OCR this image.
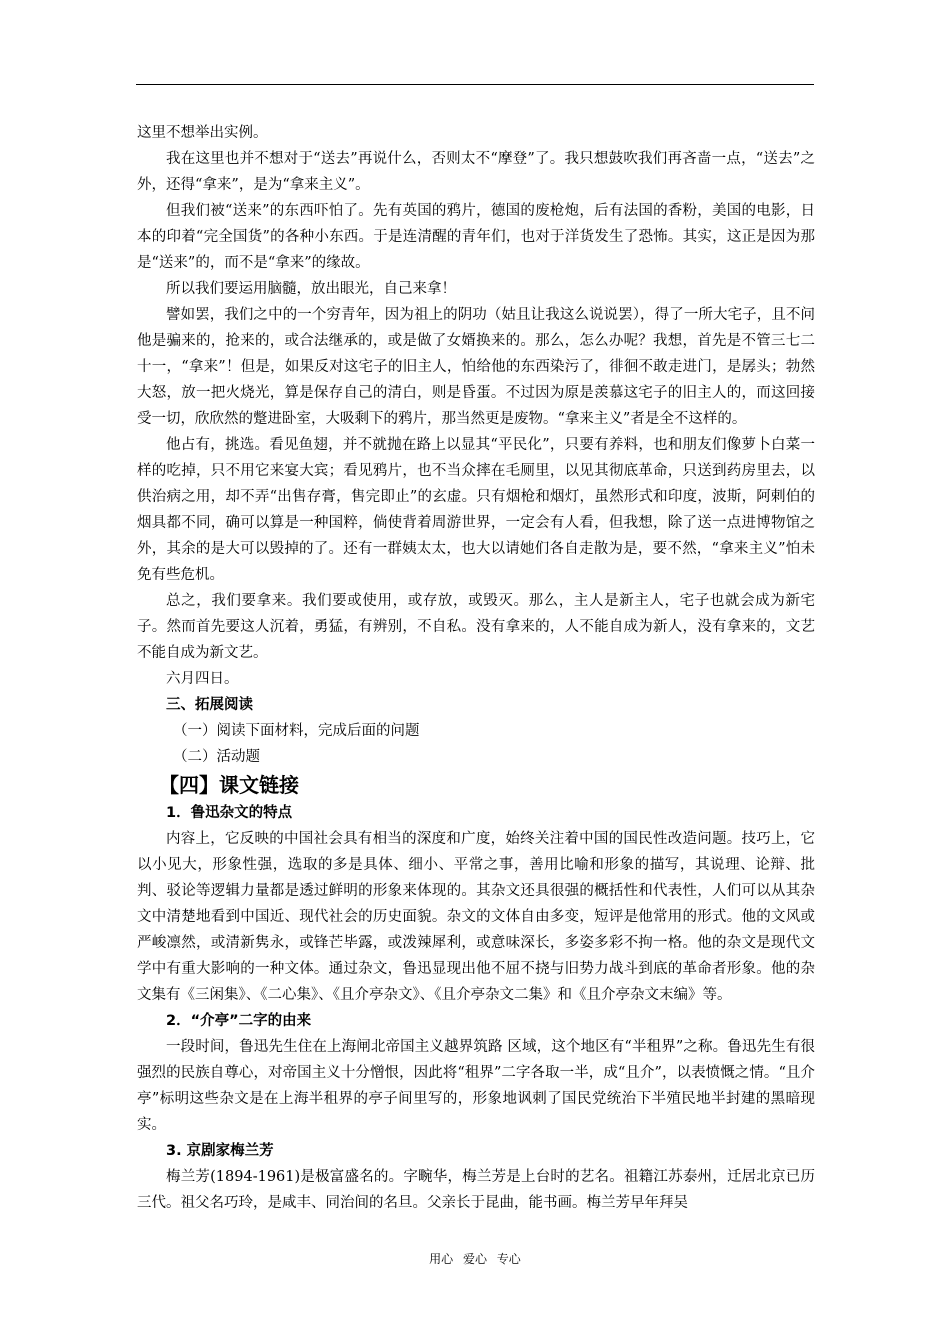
这里不想举出实例。

我在这里也并不想对于“送去”再说什么，否则太不“摩登”了。我只想鼓吹我们再吝啬一点，“送去”之外，还得“拿来”，是为“拿来主义”。

但我们被“送来”的东西吓怕了。先有英国的鸦片，德国的废枪炮，后有法国的香粉，美国的电影，日本的印着“完全国货”的各种小东西。于是连清醒的青年们，也对于洋货发生了恐怖。其实，这正是因为那是“送来”的，而不是“拿来”的缘故。

所以我们要运用脑髓，放出眼光，自己来拿！

譬如罢，我们之中的一个穷青年，因为祖上的阴功（姑且让我这么说说罢），得了一所大宅子，且不问他是骗来的，抢来的，或合法继承的，或是做了女婿换来的。那么，怎么办呢？我想，首先是不管三七二十一，“拿来”！但是，如果反对这宅子的旧主人，怕给他的东西染污了，徘徊不敢走进门，是孱头；勃然大怒，放一把火烧光，算是保存自己的清白，则是昏蛋。不过因为原是羡慕这宅子的旧主人的，而这回接受一切，欣欣然的蹩进卧室，大吸剩下的鸦片，那当然更是废物。“拿来主义”者是全不这样的。

他占有，挑选。看见鱼翅，并不就抛在路上以显其“平民化”，只要有养料，也和朋友们像萝卜白菜一样的吃掉，只不用它来宴大宾；看见鸦片，也不当众摔在毛厕里，以见其彻底革命，只送到药房里去，以供治病之用，却不弄“出售存膏，售完即止”的玄虚。只有烟枪和烟灯，虽然形式和印度，波斯，阿剌伯的烟具都不同，确可以算是一种国粹，倘使背着周游世界，一定会有人看，但我想，除了送一点进博物馆之外，其余的是大可以毁掉的了。还有一群姨太太，也大以请她们各自走散为是，要不然，“拿来主义”怕未免有些危机。

总之，我们要拿来。我们要或使用，或存放，或毁灭。那么，主人是新主人，宅子也就会成为新宅子。然而首先要这人沉着，勇猛，有辨别，不自私。没有拿来的，人不能自成为新人，没有拿来的，文艺不能自成为新文艺。

六月四日。

三、拓展阅读

（一）阅读下面材料，完成后面的问题

（二）活动题

【四】课文链接

1．鲁迅杂文的特点

内容上，它反映的中国社会具有相当的深度和广度，始终关注着中国的国民性改造问题。技巧上，它以小见大，形象性强，选取的多是具体、细小、平常之事，善用比喻和形象的描写，其说理、论辩、批判、驳论等逻辑力量都是透过鲜明的形象来体现的。其杂文还具很强的概括性和代表性，人们可以从其杂文中清楚地看到中国近、现代社会的历史面貌。杂文的文体自由多变，短评是他常用的形式。他的文风或严峻凛然，或清新隽永，或锋芒毕露，或泼辣犀利，或意味深长，多姿多彩不拘一格。他的杂文是现代文学中有重大影响的一种文体。通过杂文，鲁迅显现出他不屈不挠与旧势力战斗到底的革命者形象。他的杂文集有《三闲集》、《二心集》、《且介亭杂文》、《且介亭杂文二集》和《且介亭杂文末编》等。

2．“介亭”二字的由来

一段时间，鲁迅先生住在上海闸北帝国主义越界筑路 区域，这个地区有“半租界”之称。鲁迅先生有很强烈的民族自尊心，对帝国主义十分憎恨，因此将“租界”二字各取一半，成“且介”，以表愤慨之情。“且介亭”标明这些杂文是在上海半租界的亭子间里写的，形象地讽刺了国民党统治下半殖民地半封建的黑暗现实。

3. 京剧家梅兰芳

梅兰芳(1894-1961)是极富盛名的。字畹华，梅兰芳是上台时的艺名。祖籍江苏泰州，迁居北京已历三代。祖父名巧玲，是咸丰、同治间的名旦。父亲长于昆曲，能书画。梅兰芳早年拜吴

用心 爱心 专心
